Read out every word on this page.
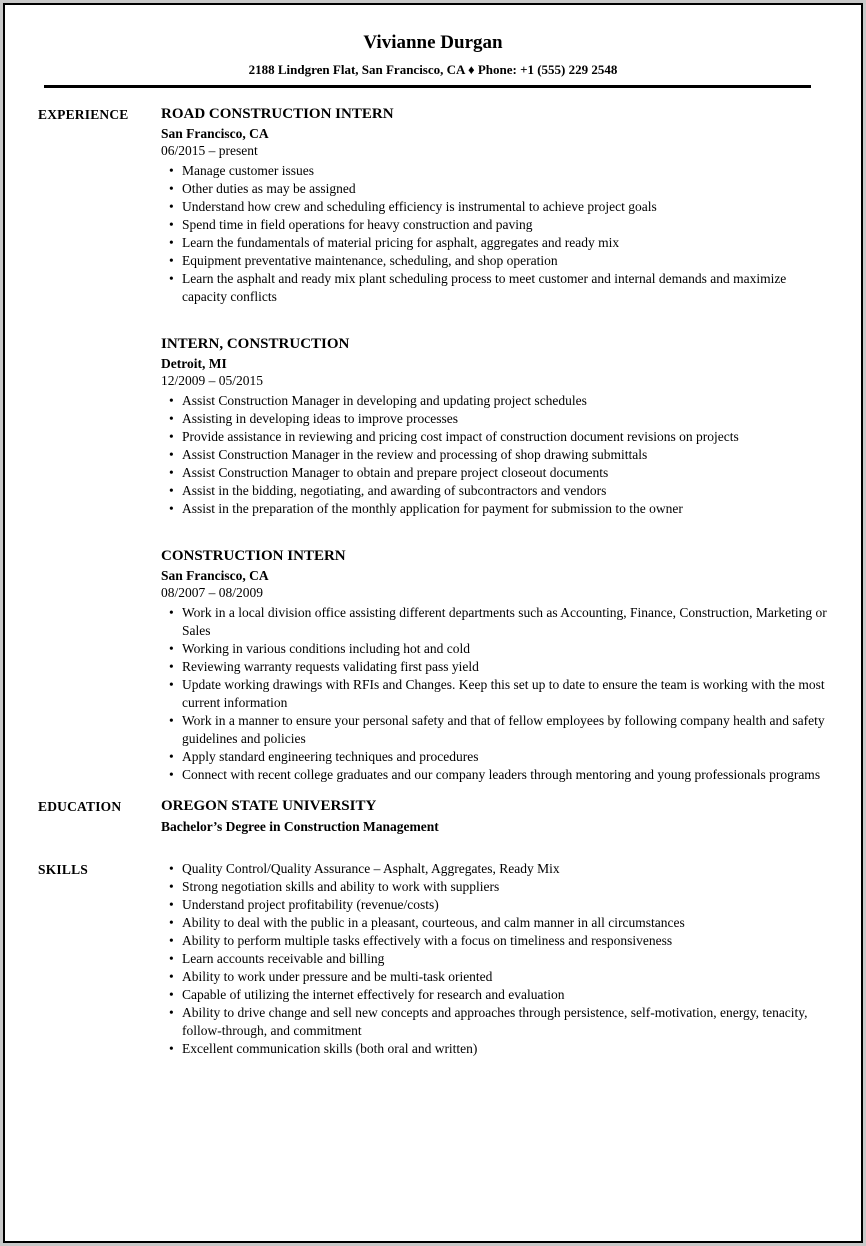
Vivianne Durgan
2188 Lindgren Flat, San Francisco, CA ♦ Phone: +1 (555) 229 2548
EXPERIENCE	ROAD CONSTRUCTION INTERN
San Francisco, CA
06/2015 – present
• Manage customer issues
• Other duties as may be assigned
• Understand how crew and scheduling efficiency is instrumental to achieve project goals
• Spend time in field operations for heavy construction and paving
• Learn the fundamentals of material pricing for asphalt, aggregates and ready mix
• Equipment preventative maintenance, scheduling, and shop operation
• Learn the asphalt and ready mix plant scheduling process to meet customer and internal demands and maximize capacity conflicts
INTERN, CONSTRUCTION
Detroit, MI
12/2009 – 05/2015
• Assist Construction Manager in developing and updating project schedules
• Assisting in developing ideas to improve processes
• Provide assistance in reviewing and pricing cost impact of construction document revisions on projects
• Assist Construction Manager in the review and processing of shop drawing submittals
• Assist Construction Manager to obtain and prepare project closeout documents
• Assist in the bidding, negotiating, and awarding of subcontractors and vendors
• Assist in the preparation of the monthly application for payment for submission to the owner
CONSTRUCTION INTERN
San Francisco, CA
08/2007 – 08/2009
• Work in a local division office assisting different departments such as Accounting, Finance, Construction, Marketing or Sales
• Working in various conditions including hot and cold
• Reviewing warranty requests validating first pass yield
• Update working drawings with RFIs and Changes. Keep this set up to date to ensure the team is working with the most current information
• Work in a manner to ensure your personal safety and that of fellow employees by following company health and safety guidelines and policies
• Apply standard engineering techniques and procedures
• Connect with recent college graduates and our company leaders through mentoring and young professionals programs
EDUCATION	OREGON STATE UNIVERSITY
Bachelor’s Degree in Construction Management
SKILLS	• Quality Control/Quality Assurance – Asphalt, Aggregates, Ready Mix
• Strong negotiation skills and ability to work with suppliers
• Understand project profitability (revenue/costs)
• Ability to deal with the public in a pleasant, courteous, and calm manner in all circumstances
• Ability to perform multiple tasks effectively with a focus on timeliness and responsiveness
• Learn accounts receivable and billing
• Ability to work under pressure and be multi-task oriented
• Capable of utilizing the internet effectively for research and evaluation
• Ability to drive change and sell new concepts and approaches through persistence, self-motivation, energy, tenacity, follow-through, and commitment
• Excellent communication skills (both oral and written)
